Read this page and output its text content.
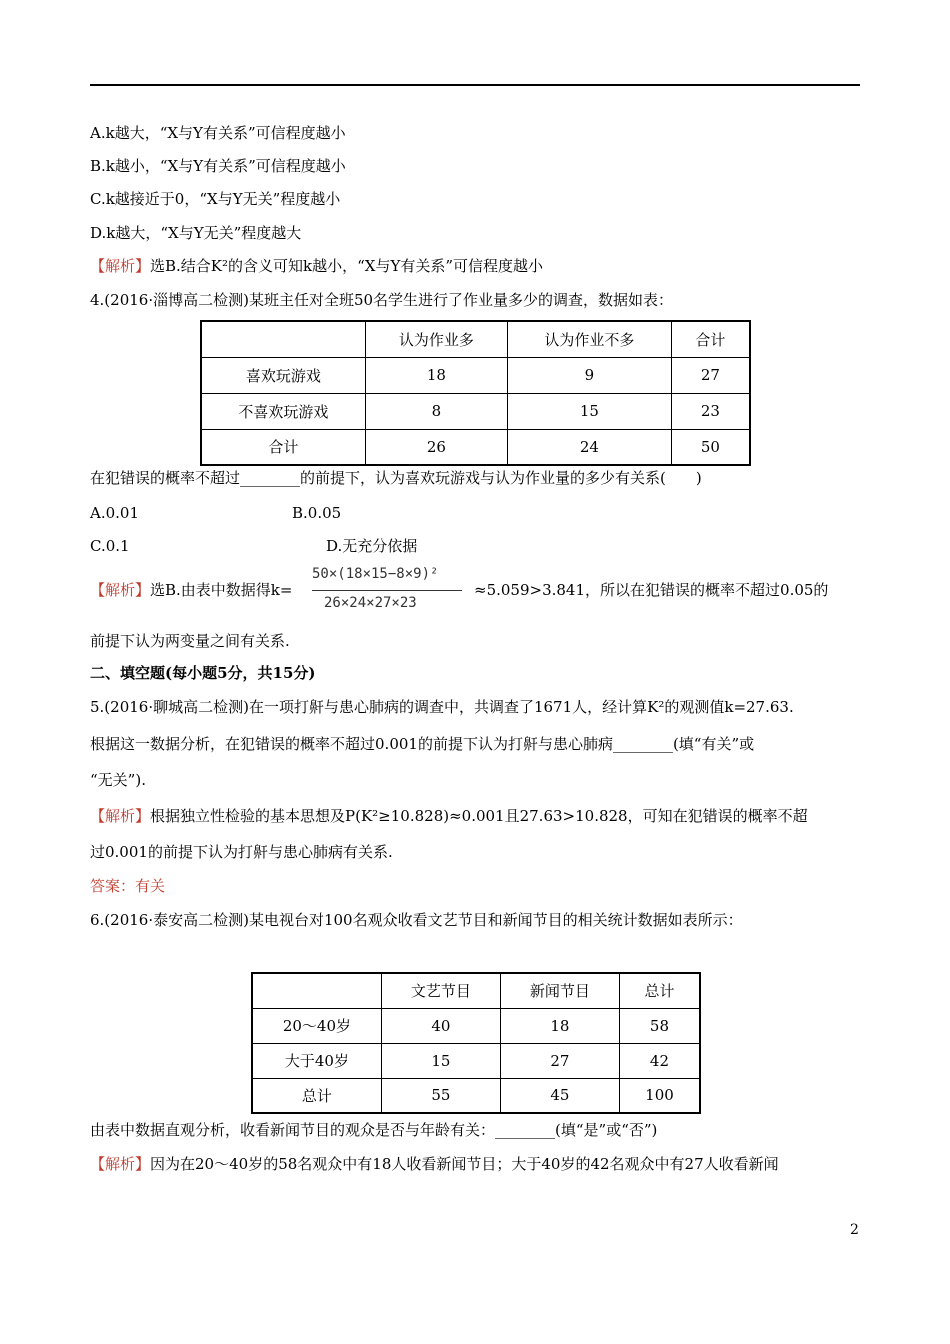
A.k越大，“X与Y有关系”可信程度越小
B.k越小，“X与Y有关系”可信程度越小
C.k越接近于0，“X与Y无关”程度越小
D.k越大，“X与Y无关”程度越大
【解析】选B.结合K²的含义可知k越小，“X与Y有关系”可信程度越小
4.(2016·淄博高二检测)某班主任对全班50名学生进行了作业量多少的调查，数据如表：
	认为作业多	认为作业不多	合计
喜欢玩游戏	18	9	27
不喜欢玩游戏	8	15	23
合计	26	24	50
在犯错误的概率不超过________的前提下，认为喜欢玩游戏与认为作业量的多少有关系(　　)
A.0.01	B.0.05
C.0.1	D.无充分依据
【解析】选B.由表中数据得k=
50×(18×15−8×9)²
26×24×27×23
≈5.059>3.841，所以在犯错误的概率不超过0.05的
前提下认为两变量之间有关系.
二、填空题(每小题5分，共15分)
5.(2016·聊城高二检测)在一项打鼾与患心肺病的调查中，共调查了1671人，经计算K²的观测值k=27.63.
根据这一数据分析，在犯错误的概率不超过0.001的前提下认为打鼾与患心肺病________(填“有关”或
“无关”).
【解析】根据独立性检验的基本思想及P(K²≥10.828)≈0.001且27.63>10.828，可知在犯错误的概率不超
过0.001的前提下认为打鼾与患心肺病有关系.
答案：有关
6.(2016·泰安高二检测)某电视台对100名观众收看文艺节目和新闻节目的相关统计数据如表所示：
	文艺节目	新闻节目	总计
20～40岁	40	18	58
大于40岁	15	27	42
总计	55	45	100
由表中数据直观分析，收看新闻节目的观众是否与年龄有关：________(填“是”或“否”)
【解析】因为在20～40岁的58名观众中有18人收看新闻节目；大于40岁的42名观众中有27人收看新闻
2
